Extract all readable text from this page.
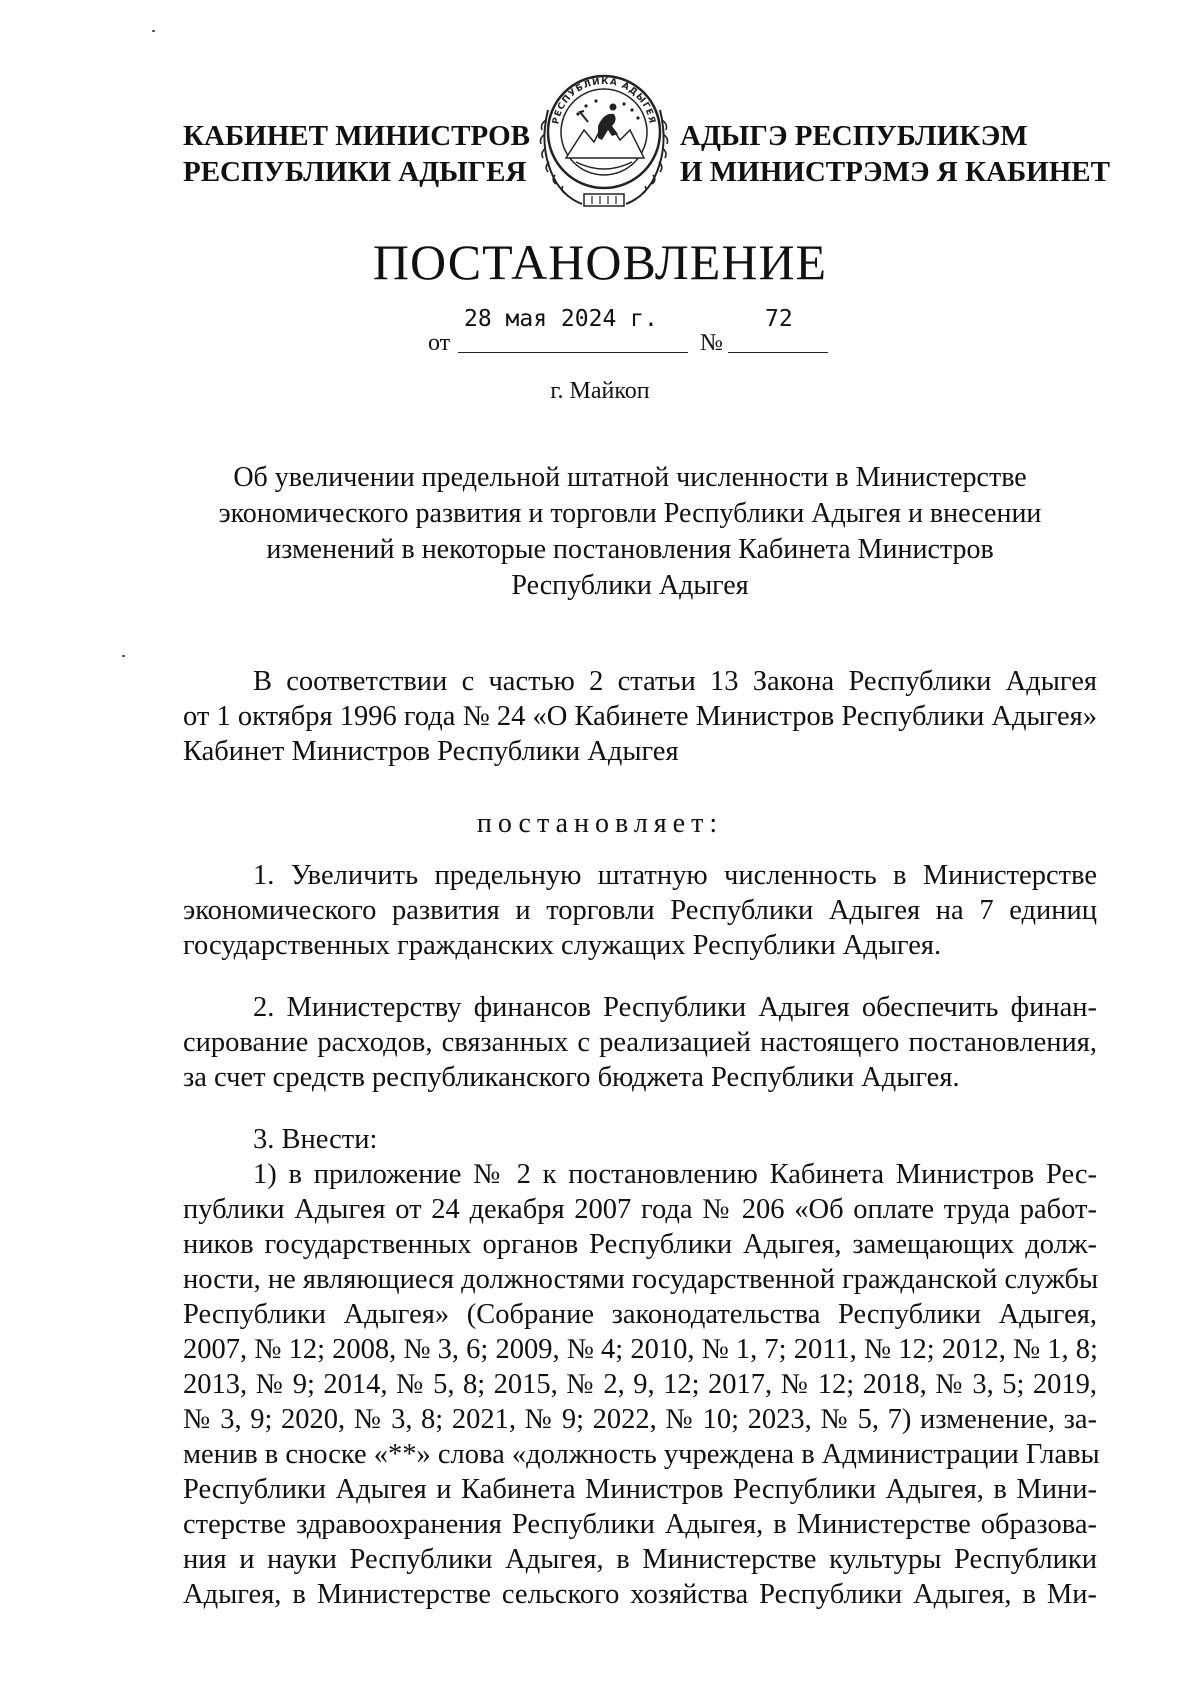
КАБИНЕТ МИНИСТРОВ
РЕСПУБЛИКИ АДЫГЕЯ
РЕСПУБЛИКА АДЫГЕЯ АДЫГЭ РЕСПУБЛИКЭМ
И МИНИСТРЭМЭ Я КАБИНЕТ
ПОСТАНОВЛЕНИЕ
от
28 мая 2024 г.
№
72
г. Майкоп
Об увеличении предельной штатной численности в Министерстве
экономического развития и торговли Республики Адыгея и внесении
изменений в некоторые постановления Кабинета Министров
Республики Адыгея
В соответствии с частью 2 статьи 13 Закона Республики Адыгея
от 1 октября 1996 года № 24 «О Кабинете Министров Республики Адыгея»
Кабинет Министров Республики Адыгея
постановляет:
1. Увеличить предельную штатную численность в Министерстве
экономического развития и торговли Республики Адыгея на 7 единиц
государственных гражданских служащих Республики Адыгея.
2. Министерству финансов Республики Адыгея обеспечить финан-
сирование расходов, связанных с реализацией настоящего постановления,
за счет средств республиканского бюджета Республики Адыгея.
3. Внести:
1) в приложение № 2 к постановлению Кабинета Министров Рес-
публики Адыгея от 24 декабря 2007 года № 206 «Об оплате труда работ-
ников государственных органов Республики Адыгея, замещающих долж-
ности, не являющиеся должностями государственной гражданской службы
Республики Адыгея» (Собрание законодательства Республики Адыгея,
2007, № 12; 2008, № 3, 6; 2009, № 4; 2010, № 1, 7; 2011, № 12; 2012, № 1, 8;
2013, № 9; 2014, № 5, 8; 2015, № 2, 9, 12; 2017, № 12; 2018, № 3, 5; 2019,
№ 3, 9; 2020, № 3, 8; 2021, № 9; 2022, № 10; 2023, № 5, 7) изменение, за-
менив в сноске «**» слова «должность учреждена в Администрации Главы
Республики Адыгея и Кабинета Министров Республики Адыгея, в Мини-
стерстве здравоохранения Республики Адыгея, в Министерстве образова-
ния и науки Республики Адыгея, в Министерстве культуры Республики
Адыгея, в Министерстве сельского хозяйства Республики Адыгея, в Ми-
